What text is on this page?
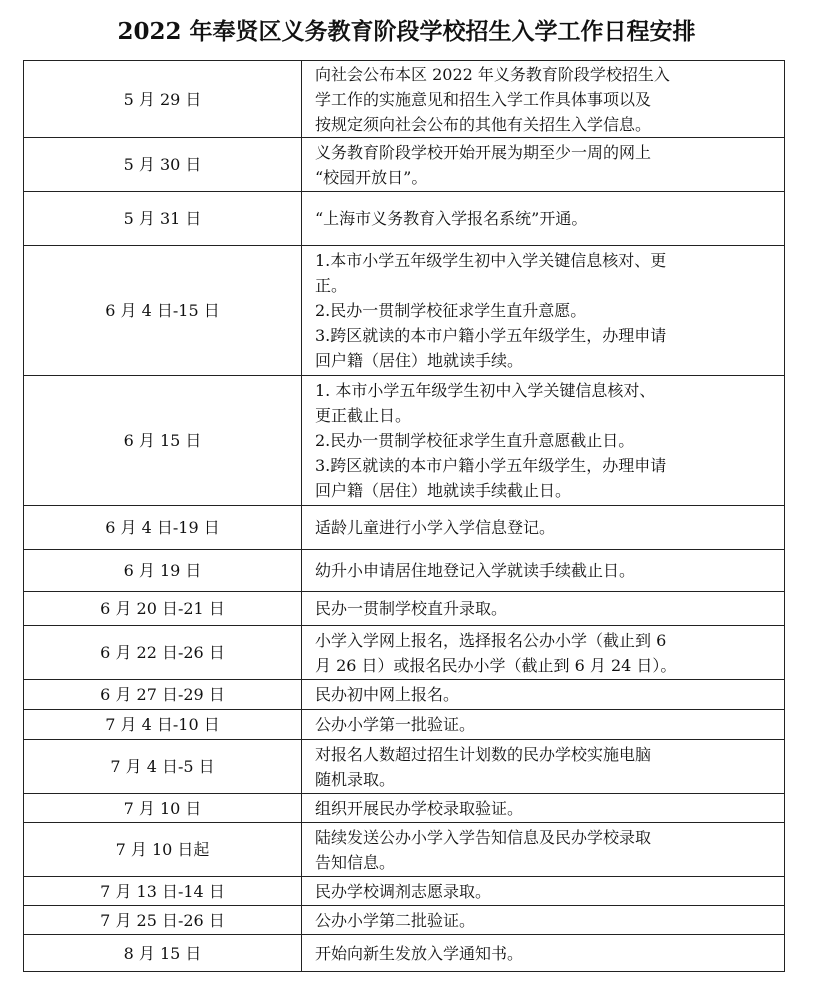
2022 年奉贤区义务教育阶段学校招生入学工作日程安排
5 月 29 日	向社会公布本区 2022 年义务教育阶段学校招生入
学工作的实施意见和招生入学工作具体事项以及
按规定须向社会公布的其他有关招生入学信息。

5 月 30 日	义务教育阶段学校开始开展为期至少一周的网上
“校园开放日”。

5 月 31 日	“上海市义务教育入学报名系统”开通。

6 月 4 日-15 日	1.本市小学五年级学生初中入学关键信息核对、更
正。
2.民办一贯制学校征求学生直升意愿。
3.跨区就读的本市户籍小学五年级学生，办理申请
回户籍（居住）地就读手续。

6 月 15 日	1. 本市小学五年级学生初中入学关键信息核对、
更正截止日。
2.民办一贯制学校征求学生直升意愿截止日。
3.跨区就读的本市户籍小学五年级学生，办理申请
回户籍（居住）地就读手续截止日。

6 月 4 日-19 日	适龄儿童进行小学入学信息登记。

6 月 19 日	幼升小申请居住地登记入学就读手续截止日。

6 月 20 日-21 日	民办一贯制学校直升录取。

6 月 22 日-26 日	小学入学网上报名，选择报名公办小学（截止到 6
月 26 日）或报名民办小学（截止到 6 月 24 日）。

6 月 27 日-29 日	民办初中网上报名。

7 月 4 日-10 日	公办小学第一批验证。

7 月 4 日-5 日	对报名人数超过招生计划数的民办学校实施电脑
随机录取。

7 月 10 日	组织开展民办学校录取验证。

7 月 10 日起	陆续发送公办小学入学告知信息及民办学校录取
告知信息。

7 月 13 日-14 日	民办学校调剂志愿录取。

7 月 25 日-26 日	公办小学第二批验证。

8 月 15 日	开始向新生发放入学通知书。
